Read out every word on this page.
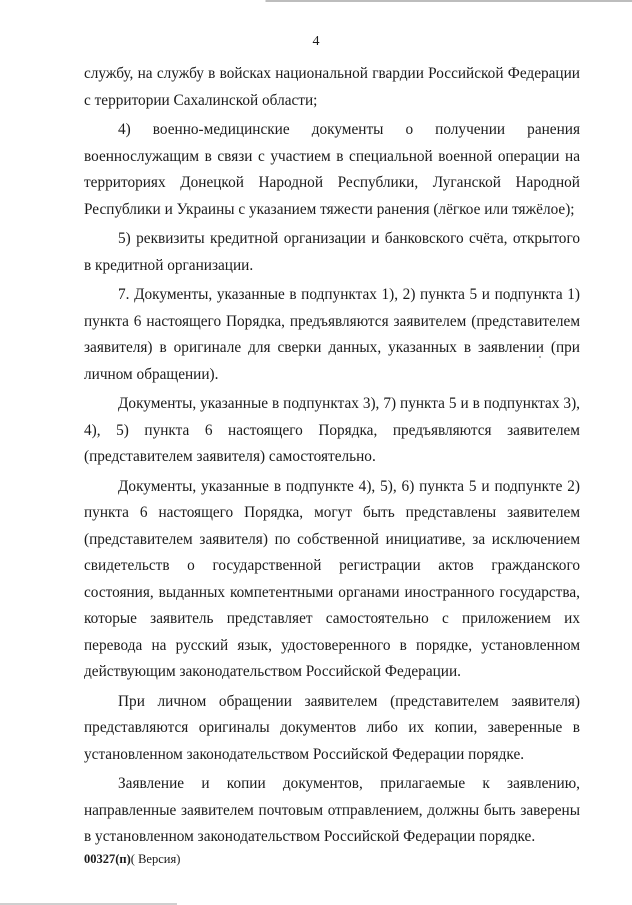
4

службу, на службу в войсках национальной гвардии Российской Федерации с территории Сахалинской области;

4) военно-медицинские документы о получении ранения военнослужащим в связи с участием в специальной военной операции на территориях Донецкой Народной Республики, Луганской Народной Республики и Украины с указанием тяжести ранения (лёгкое или тяжёлое);

5) реквизиты кредитной организации и банковского счёта, открытого в кредитной организации.

7. Документы, указанные в подпунктах 1), 2) пункта 5 и подпункта 1) пункта 6 настоящего Порядка, предъявляются заявителем (представителем заявителя) в оригинале для сверки данных, указанных в заявлении (при личном обращении).

Документы, указанные в подпунктах 3), 7) пункта 5 и в подпунктах 3), 4), 5) пункта 6 настоящего Порядка, предъявляются заявителем (представителем заявителя) самостоятельно.

Документы, указанные в подпункте 4), 5), 6) пункта 5 и подпункте 2) пункта 6 настоящего Порядка, могут быть представлены заявителем (представителем заявителя) по собственной инициативе, за исключением свидетельств о государственной регистрации актов гражданского состояния, выданных компетентными органами иностранного государства, которые заявитель представляет самостоятельно с приложением их перевода на русский язык, удостоверенного в порядке, установленном действующим законодательством Российской Федерации.

При личном обращении заявителем (представителем заявителя) представляются оригиналы документов либо их копии, заверенные в установленном законодательством Российской Федерации порядке.

Заявление и копии документов, прилагаемые к заявлению, направленные заявителем почтовым отправлением, должны быть заверены в установленном законодательством Российской Федерации порядке.

00327(п)( Версия)
